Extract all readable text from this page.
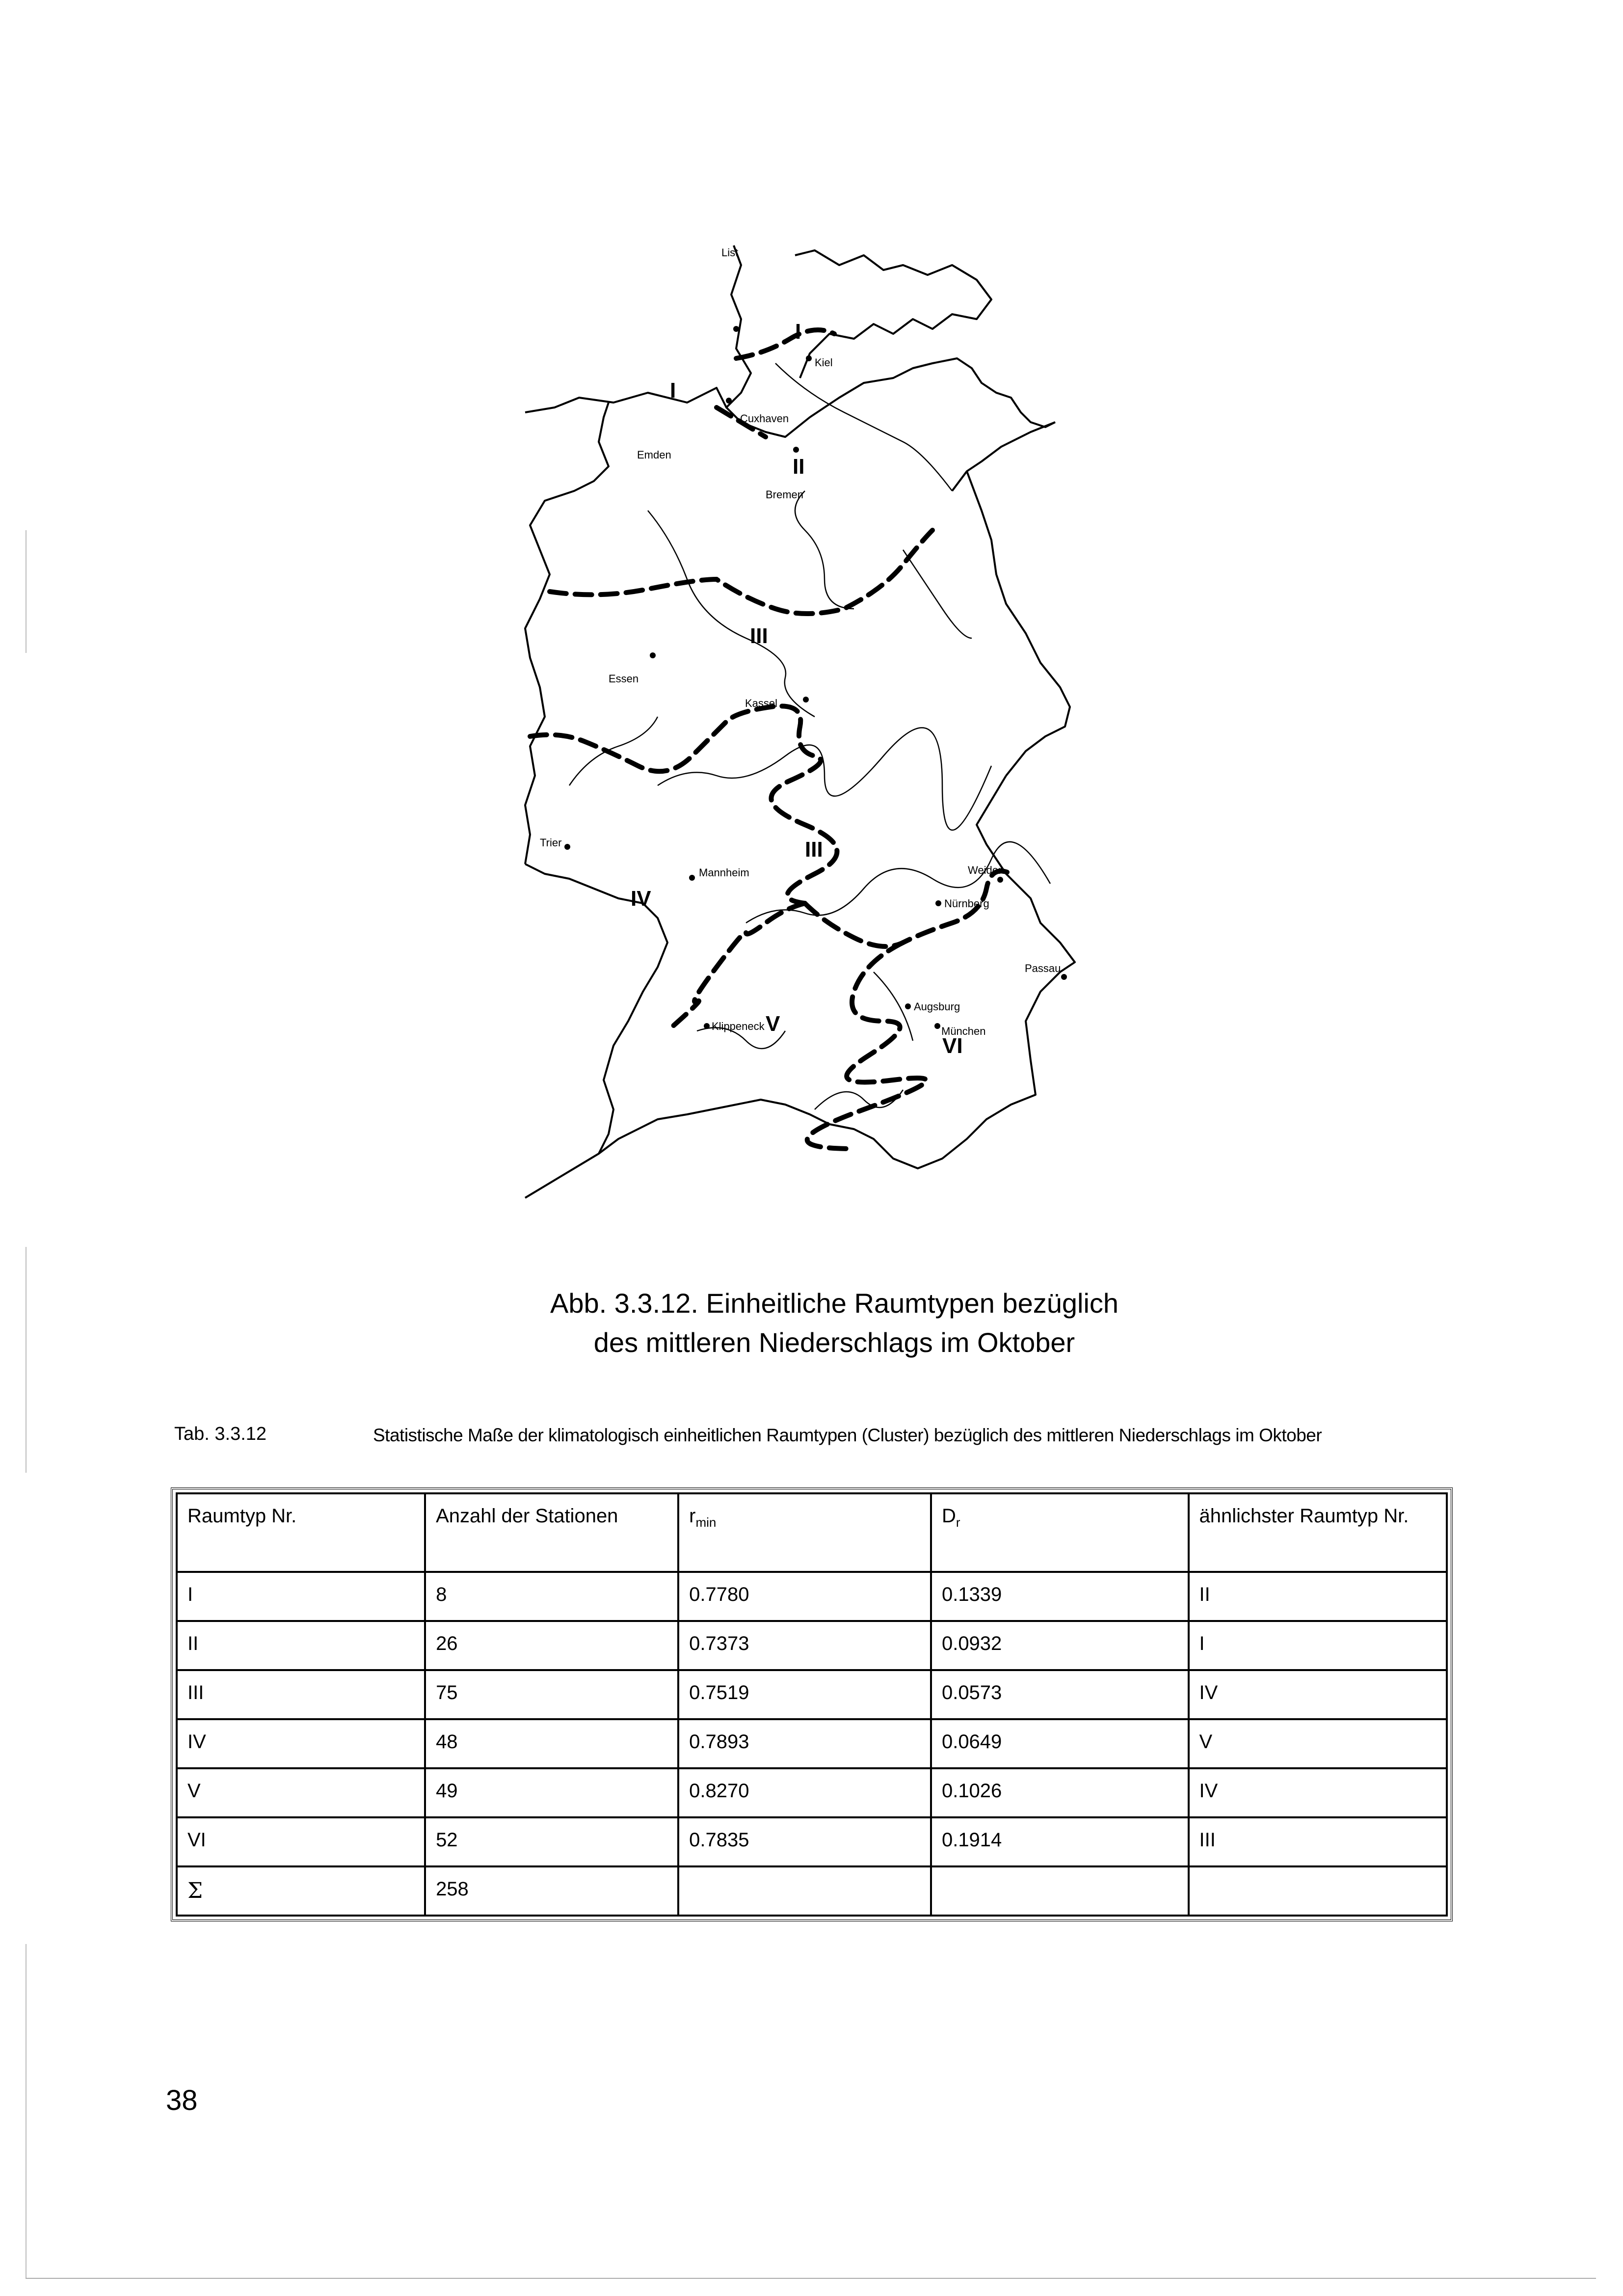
List
Kiel
Cuxhaven
Emden
Bremen
Essen
Kassel
Trier
Mannheim	Weiden
Nürnberg
Passau
Augsburg
München
Klippeneck
I
I
II
III
III
IV
V
VI
Abb. 3.3.12. Einheitliche Raumtypen bezüglich
des mittleren Niederschlags im Oktober
Tab. 3.3.12	Statistische Maße der klimatologisch einheitlichen Raumtypen (Cluster) bezüglich des mittleren Niederschlags im Oktober
Raumtyp Nr.	Anzahl der Stationen	$r_{min}$	$D_r$	ähnlichster Raumtyp Nr.
I	8	0.7780	0.1339	II
II	26	0.7373	0.0932	I
III	75	0.7519	0.0573	IV
IV	48	0.7893	0.0649	V
V	49	0.8270	0.1026	IV
VI	52	0.7835	0.1914	III
Σ	258			
38
